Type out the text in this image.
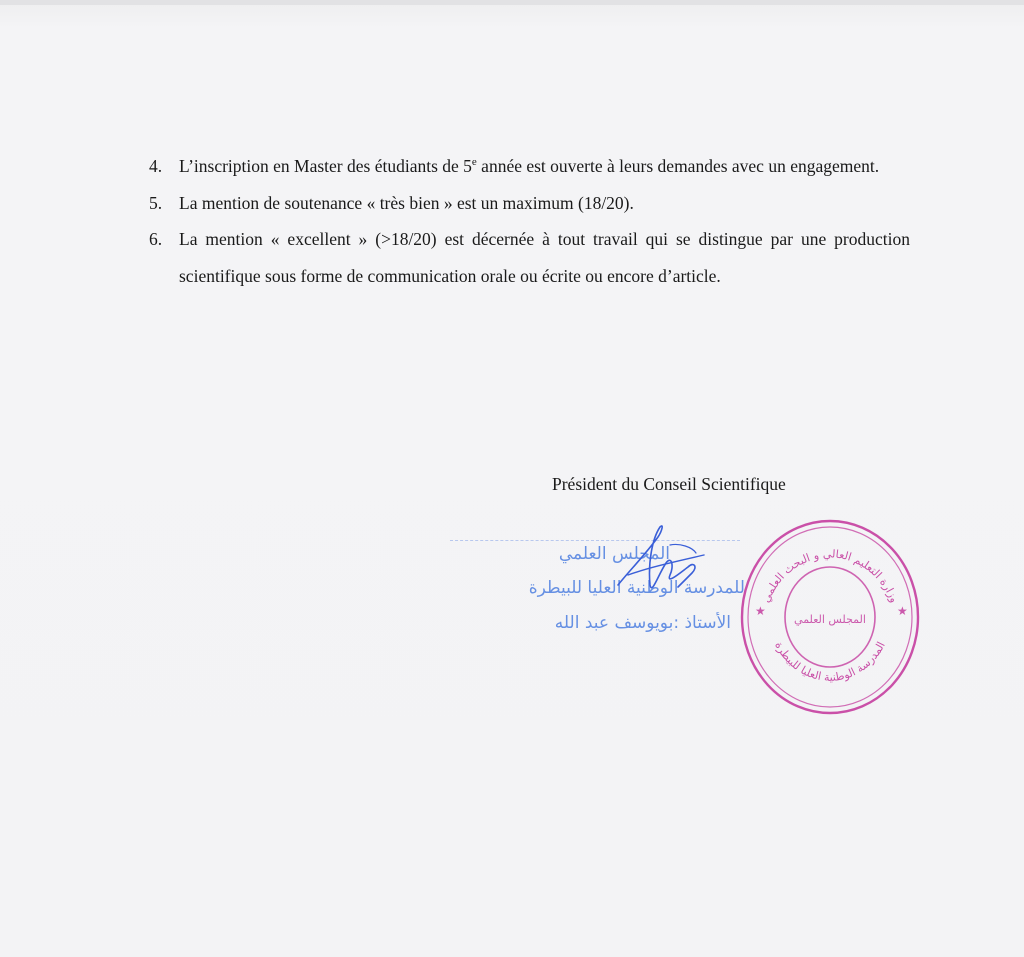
4. L’inscription en Master des étudiants de 5e année est ouverte à leurs demandes avec un engagement.
5. La mention de soutenance « très bien » est un maximum (18/20).
6. La mention « excellent » (>18/20) est décernée à tout travail qui se distingue par une production scientifique sous forme de communication orale ou écrite ou encore d’article.
Président du Conseil Scientifique
المجلس العلمي
للمدرسة الوطنية العليا للبيطرة
الأستاذ :بويوسف عبد الله
وزارة التعليم العالي و البحث العلمي
المدرسة الوطنية العليا للبيطرة
المجلس العلمي
★	★
